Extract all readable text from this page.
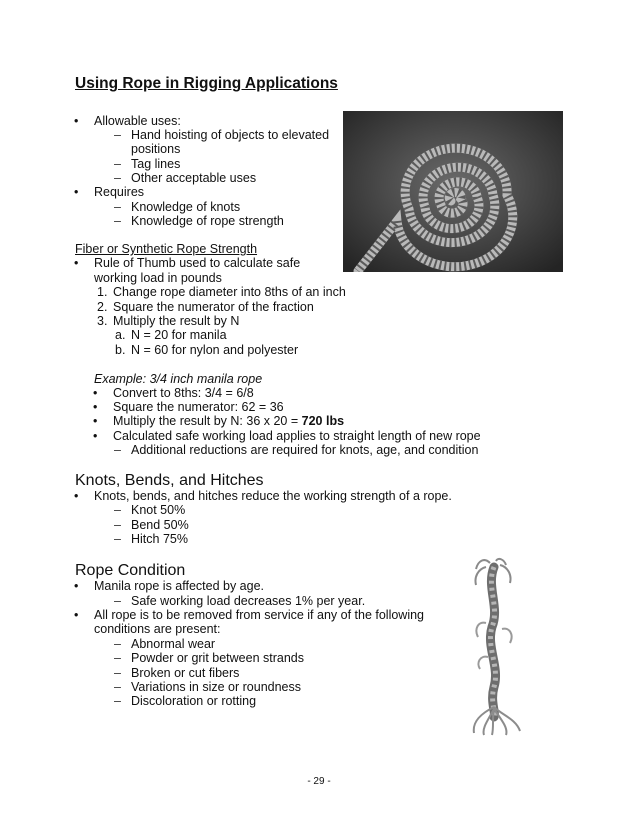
Using Rope in Rigging Applications
• Allowable uses:
– Hand hoisting of objects to elevated
positions
– Tag lines
– Other acceptable uses
• Requires
– Knowledge of knots
– Knowledge of rope strength
Fiber or Synthetic Rope Strength
• Rule of Thumb used to calculate safe
working load in pounds
1. Change rope diameter into 8ths of an inch
2. Square the numerator of the fraction
3. Multiply the result by N
a. N = 20 for manila
b. N = 60 for nylon and polyester
Example: 3/4 inch manila rope
• Convert to 8ths: 3/4 = 6/8
• Square the numerator: 62 = 36
• Multiply the result by N: 36 x 20 = 720 lbs
• Calculated safe working load applies to straight length of new rope
– Additional reductions are required for knots, age, and condition
Knots, Bends, and Hitches
• Knots, bends, and hitches reduce the working strength of a rope.
– Knot 50%
– Bend 50%
– Hitch 75%
Rope Condition
• Manila rope is affected by age.
– Safe working load decreases 1% per year.
• All rope is to be removed from service if any of the following
conditions are present:
– Abnormal wear
– Powder or grit between strands
– Broken or cut fibers
– Variations in size or roundness
– Discoloration or rotting
- 29 -
